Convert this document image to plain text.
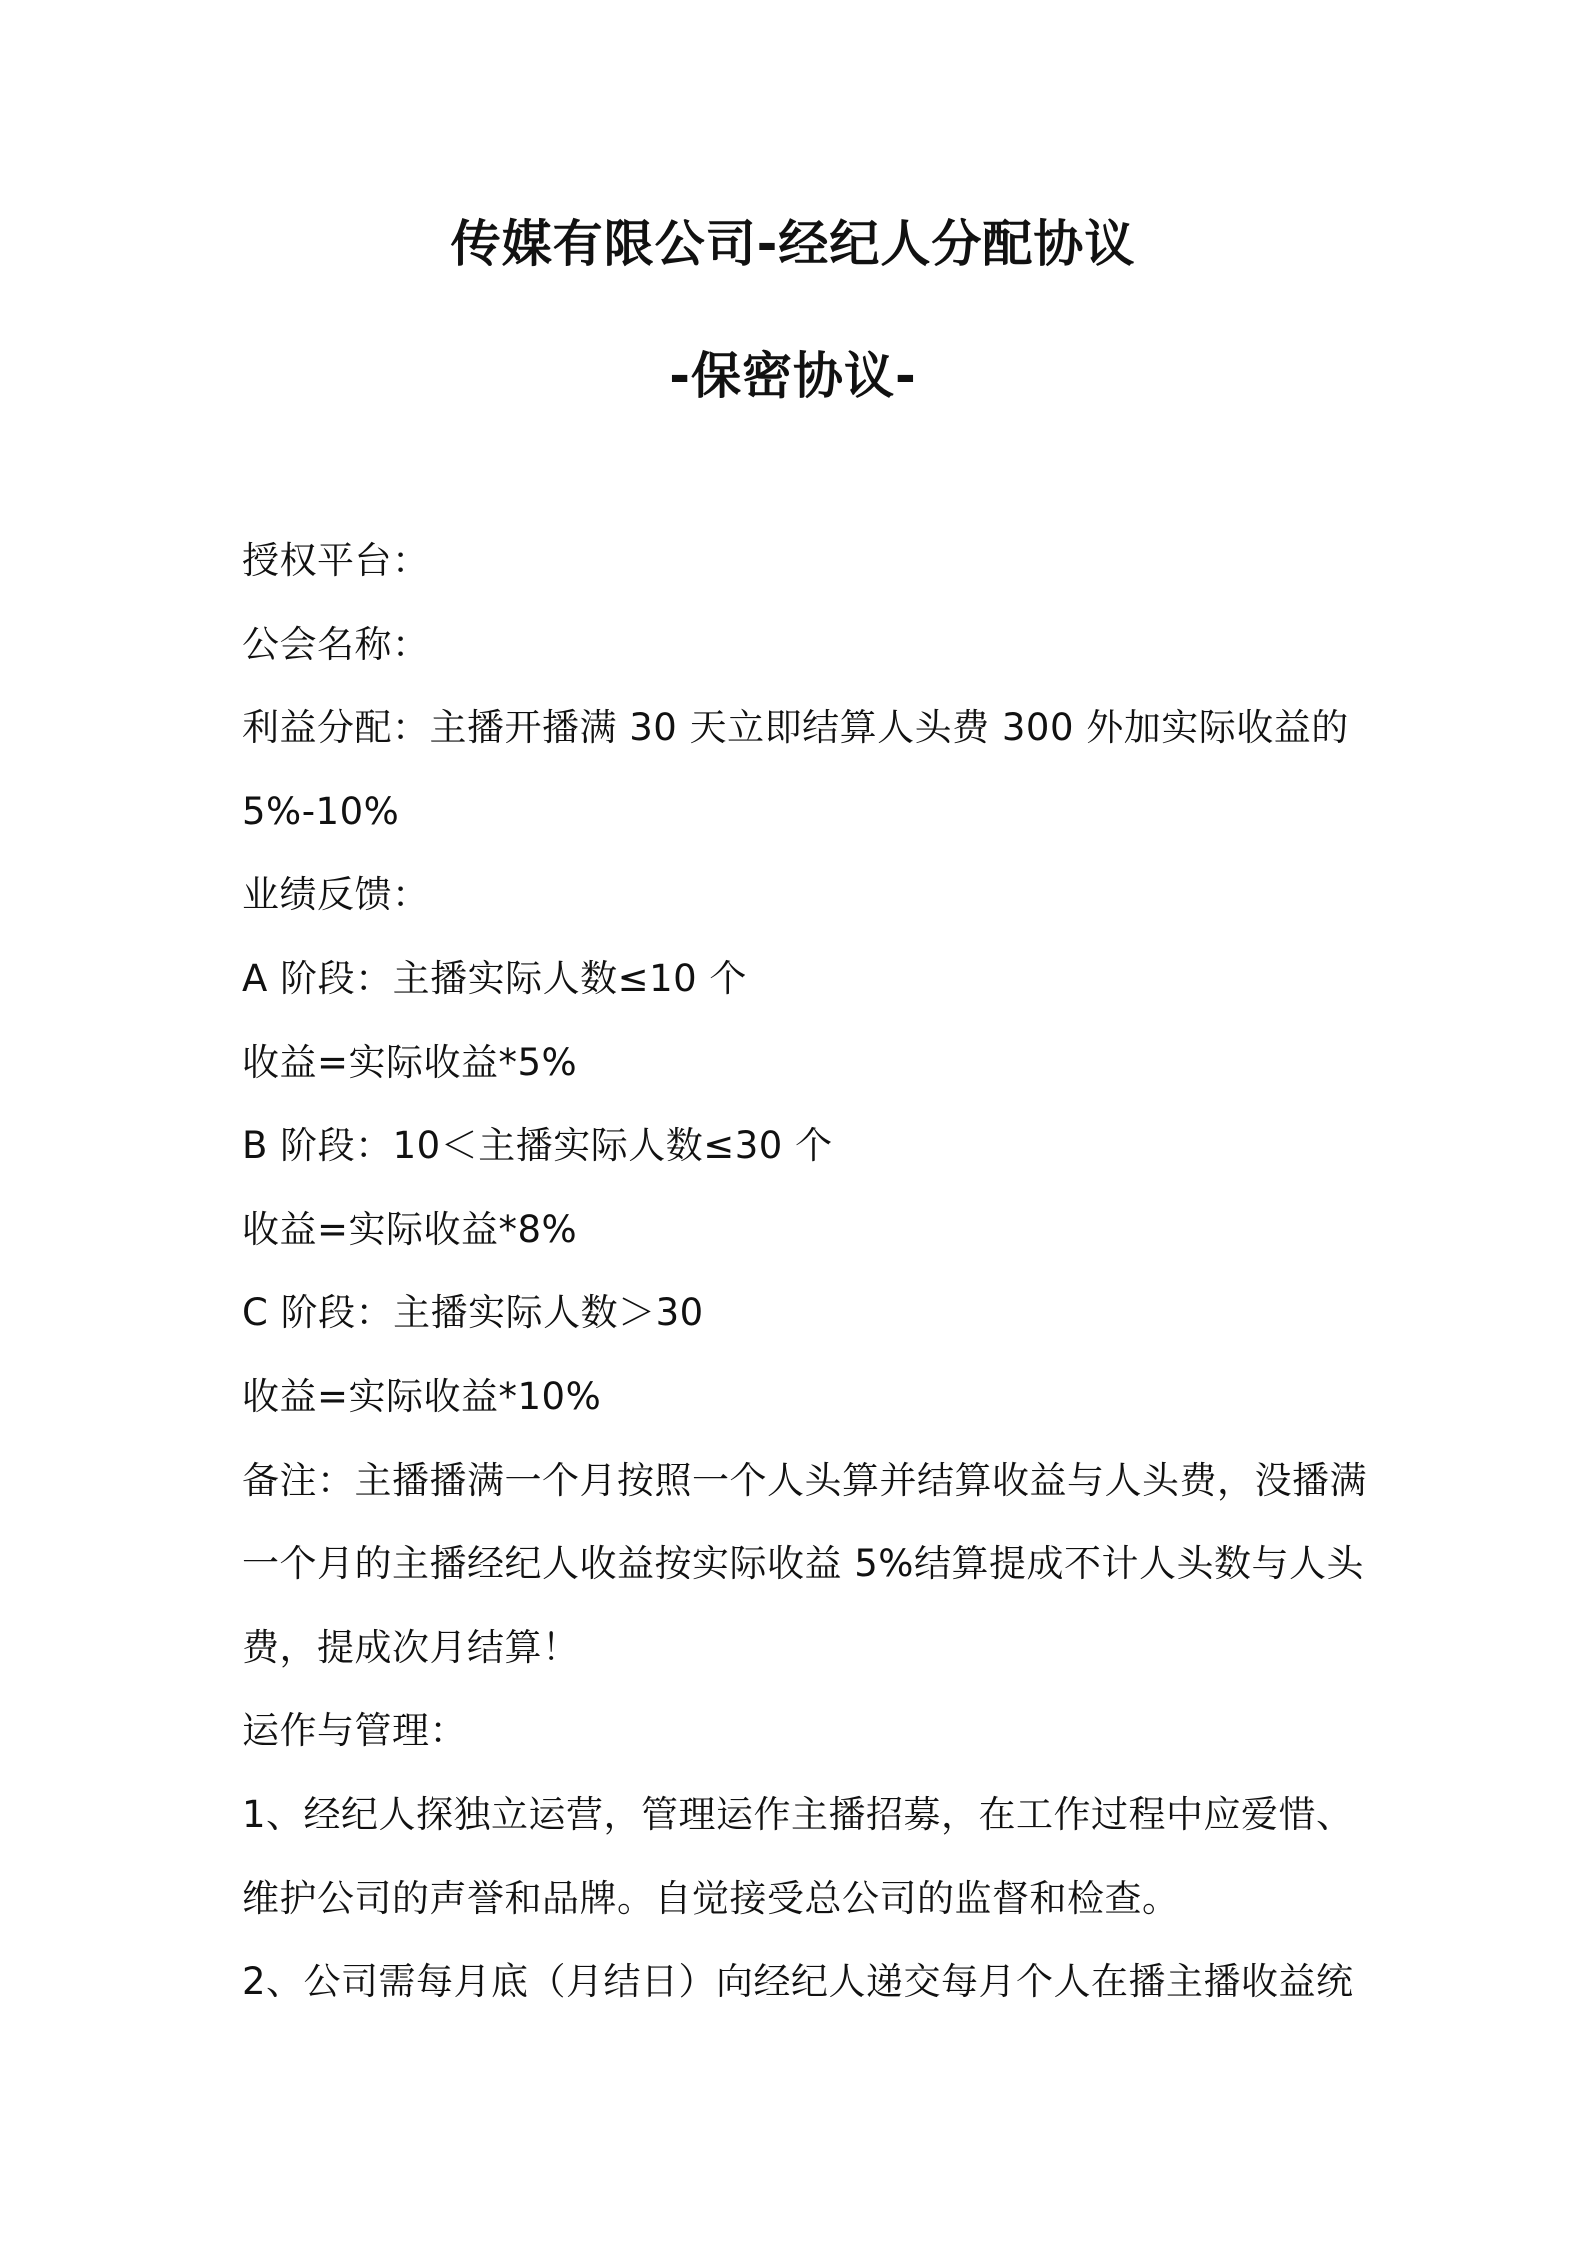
传媒有限公司-经纪人分配协议
-保密协议-
授权平台：
公会名称：
利益分配：主播开播满 30 天立即结算人头费 300 外加实际收益的
5%-10%
业绩反馈：
A 阶段：主播实际人数≤10 个
收益=实际收益*5%
B 阶段：10＜主播实际人数≤30 个
收益=实际收益*8%
C 阶段：主播实际人数＞30
收益=实际收益*10%
备注：主播播满一个月按照一个人头算并结算收益与人头费，没播满
一个月的主播经纪人收益按实际收益 5%结算提成不计人头数与人头
费，提成次月结算！
运作与管理：
1、经纪人探独立运营，管理运作主播招募，在工作过程中应爱惜、
维护公司的声誉和品牌。自觉接受总公司的监督和检查。
2、公司需每月底（月结日）向经纪人递交每月个人在播主播收益统
